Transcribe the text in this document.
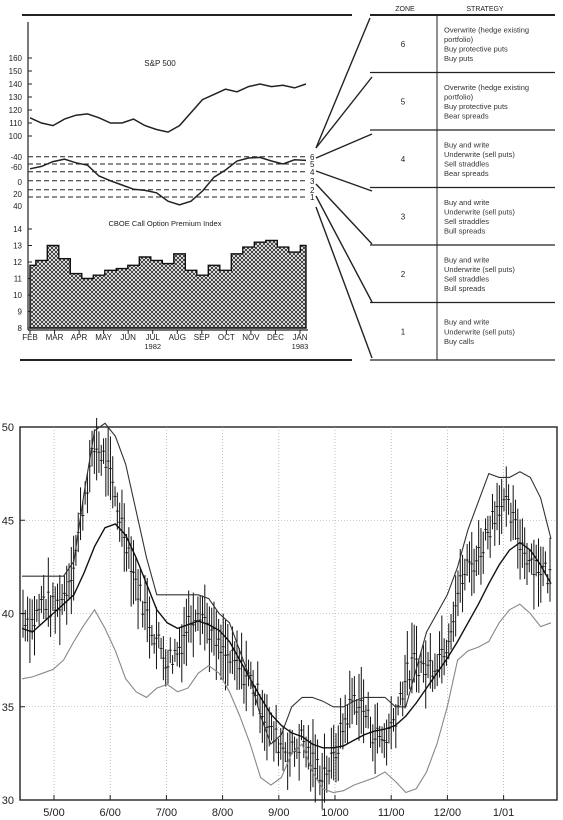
160
150
140
130
120
110
100
S&P 500
6
5
4
3
2
1
-40
-60
0
20
40
14
13
12
11
10
9
8
CBOE Call Option Premium Index
FEB MAR APR MAY JUN JUL AUG SEP OCT NOV DEC JAN
1982	1983
ZONE	STRATEGY
6
Overwrite (hedge existing
portfolio)
Buy protective puts
Buy puts
5
Overwrite (hedge existing
portfolio)
Buy protective puts
Bear spreads
4
Buy and write
Underwrite (sell puts)
Sell straddles
Bear spreads
3
Buy and write
Underwrite (sell puts)
Sell straddles
Bull spreads
2
Buy and write
Underwrite (sell puts)
Sell straddles
Bull spreads
1
Buy and write
Underwrite (sell puts)
Buy calls
30
35
40
45
50
5/00	6/00	7/00	8/00	9/00	10/00	11/00	12/00	1/01
